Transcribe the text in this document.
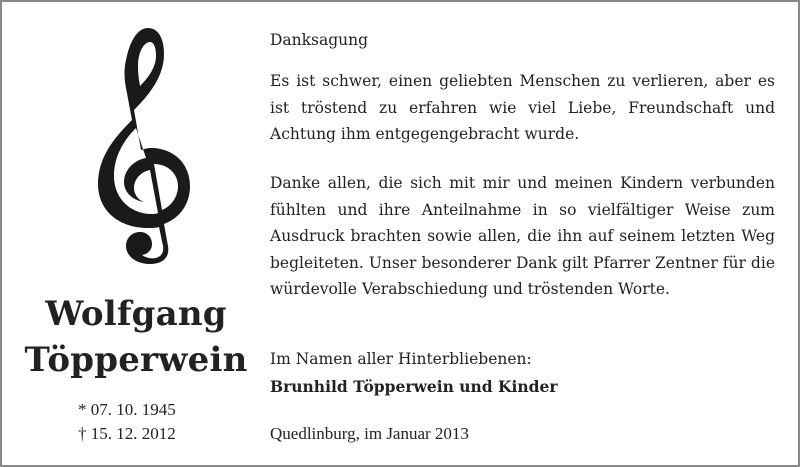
Wolfgang
Töpperwein
* 07. 10. 1945
† 15. 12. 2012
Danksagung
Es ist schwer, einen geliebten Menschen zu verlieren, aber es ist tröstend zu erfahren wie viel Liebe, Freundschaft und Achtung ihm entgegengebracht wurde.
Danke allen, die sich mit mir und meinen Kindern verbunden fühlten und ihre Anteilnahme in so vielfältiger Weise zum Ausdruck brachten sowie allen, die ihn auf seinem letzten Weg begleiteten. Unser besonderer Dank gilt Pfarrer Zentner für die würdevolle Verabschiedung und tröstenden Worte.
Im Namen aller Hinterbliebenen:
Brunhild Töpperwein und Kinder
Quedlinburg, im Januar 2013
